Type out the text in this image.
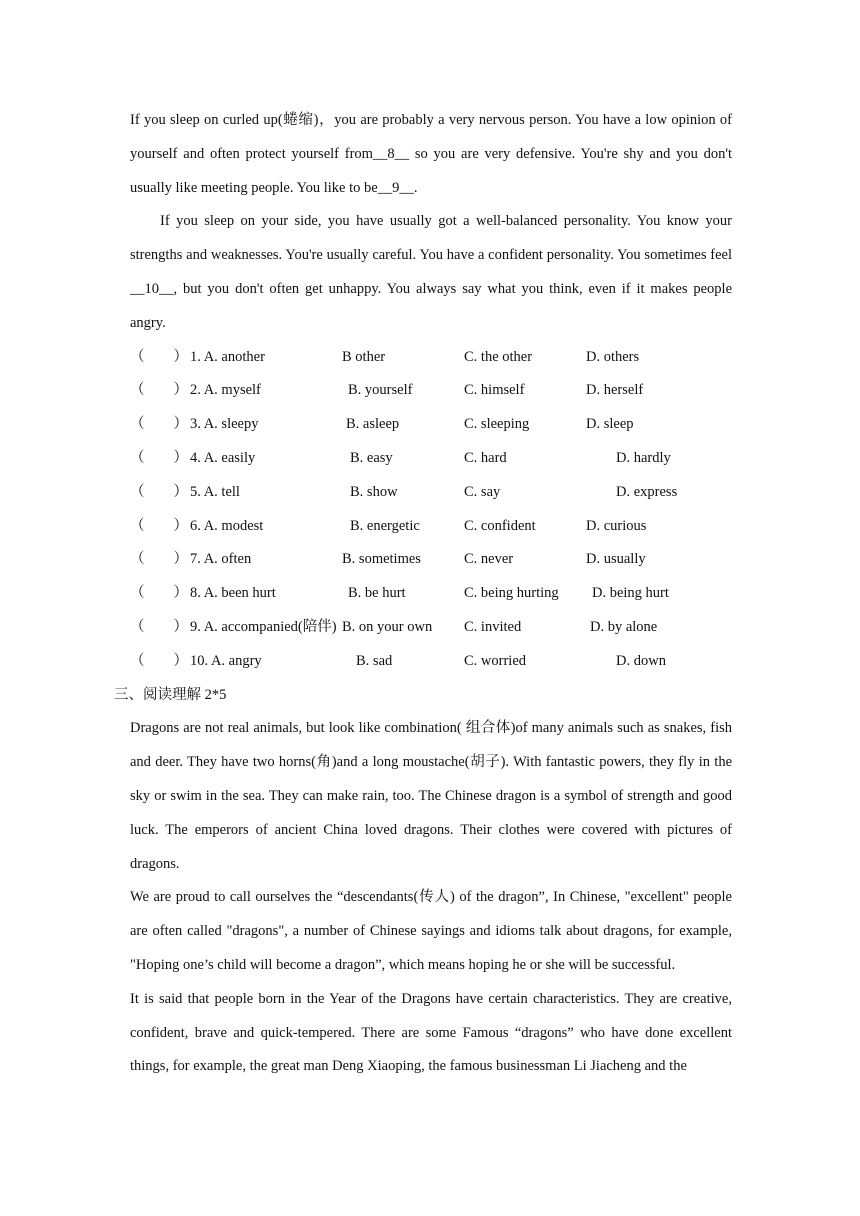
If you sleep on curled up(蜷缩)，you are probably a very nervous person. You have a low opinion of yourself and often protect yourself from__8__ so you are very defensive. You're shy and you don't usually like meeting people. You like to be__9__.

If you sleep on your side, you have usually got a well-balanced personality. You know your strengths and weaknesses. You're usually careful. You have a confident personality. You sometimes feel __10__, but you don't often get unhappy. You always say what you think, even if it makes people angry.

（　　）	1. A. another	B other	C. the other	D. others
（　　）	2. A. myself	B. yourself	C. himself	D. herself
（　　）	3. A. sleepy	B. asleep	C. sleeping	D. sleep
（　　）	4. A. easily	B. easy	C. hard	D. hardly
（　　）	5. A. tell	B. show	C. say	D. express
（　　）	6. A. modest	B. energetic	C. confident	D. curious
（　　）	7. A. often	B. sometimes	C. never	D. usually
（　　）	8. A. been hurt	B. be hurt	C. being hurting	D. being hurt
（　　）	9. A. accompanied(陪伴)	B. on your own	C. invited	D. by alone
（　　）	10. A. angry	B. sad	C. worried	D. down

三、阅读理解 2*5

Dragons are not real animals, but look like combination( 组合体)of many animals such as snakes, fish and deer. They have two horns(角)and a long moustache(胡子). With fantastic powers, they fly in the sky or swim in the sea. They can make rain, too. The Chinese dragon is a symbol of strength and good luck. The emperors of ancient China loved dragons. Their clothes were covered with pictures of dragons.

We are proud to call ourselves the “descendants(传人) of the dragon”, In Chinese, "excellent" people are often called "dragons", a number of Chinese sayings and idioms talk about dragons, for example, "Hoping one’s child will become a dragon”, which means hoping he or she will be successful.

It is said that people born in the Year of the Dragons have certain characteristics. They are creative, confident, brave and quick-tempered. There are some Famous “dragons” who have done excellent things, for example, the great man Deng Xiaoping, the famous businessman Li Jiacheng and the
